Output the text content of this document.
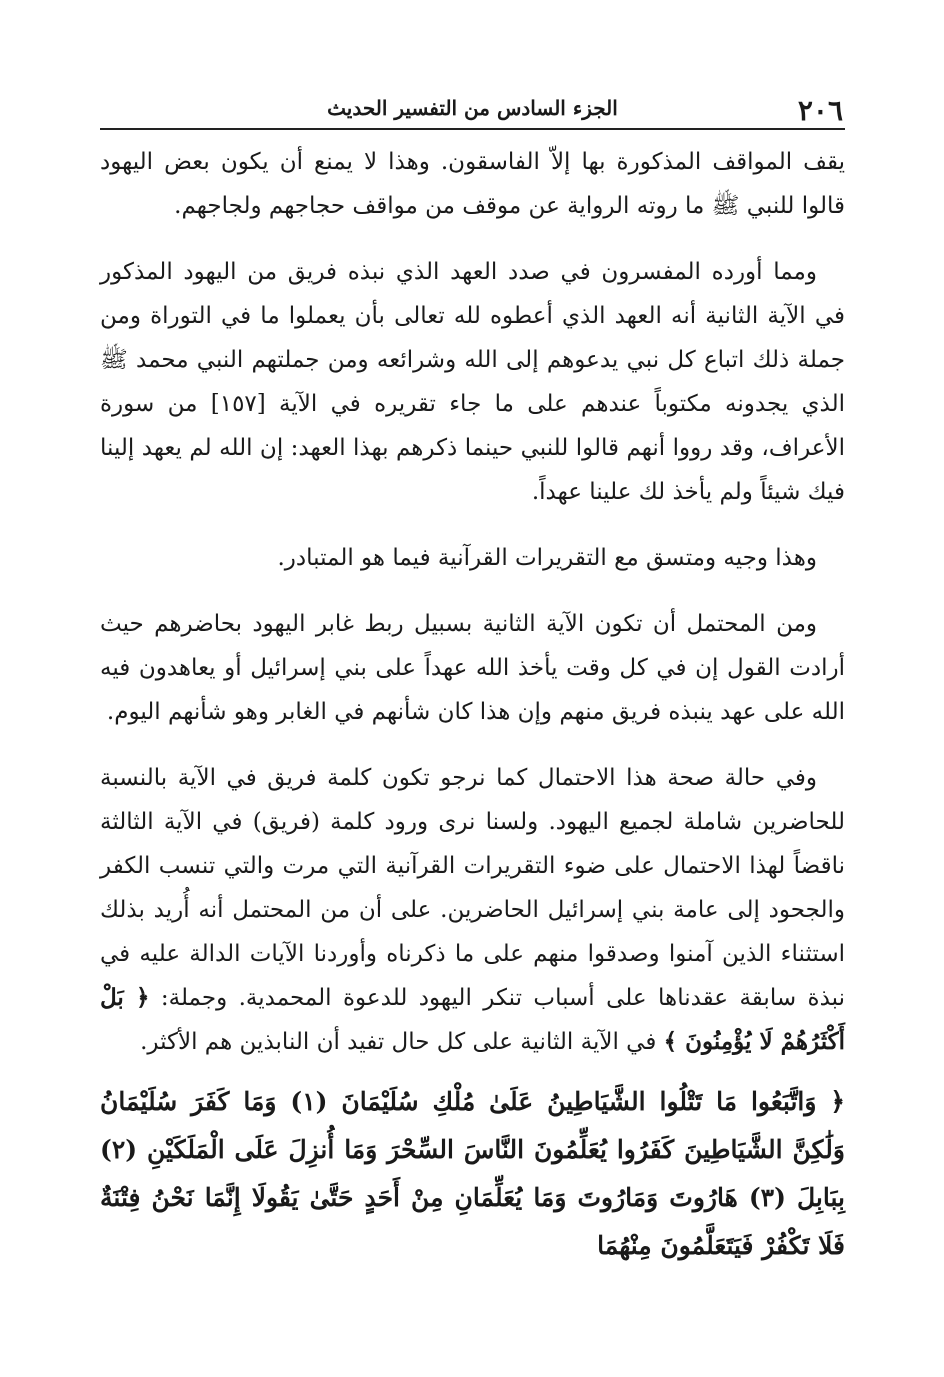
٢٠٦
الجزء السادس من التفسير الحديث

يقف المواقف المذكورة بها إلاّ الفاسقون. وهذا لا يمنع أن يكون بعض اليهود قالوا للنبي ﷺ ما روته الرواية عن موقف من مواقف حجاجهم ولجاجهم.

ومما أورده المفسرون في صدد العهد الذي نبذه فريق من اليهود المذكور في الآية الثانية أنه العهد الذي أعطوه لله تعالى بأن يعملوا ما في التوراة ومن جملة ذلك اتباع كل نبي يدعوهم إلى الله وشرائعه ومن جملتهم النبي محمد ﷺ الذي يجدونه مكتوباً عندهم على ما جاء تقريره في الآية [١٥٧] من سورة الأعراف، وقد رووا أنهم قالوا للنبي حينما ذكرهم بهذا العهد: إن الله لم يعهد إلينا فيك شيئاً ولم يأخذ لك علينا عهداً.

وهذا وجيه ومتسق مع التقريرات القرآنية فيما هو المتبادر.

ومن المحتمل أن تكون الآية الثانية بسبيل ربط غابر اليهود بحاضرهم حيث أرادت القول إن في كل وقت يأخذ الله عهداً على بني إسرائيل أو يعاهدون فيه الله على عهد ينبذه فريق منهم وإن هذا كان شأنهم في الغابر وهو شأنهم اليوم.

وفي حالة صحة هذا الاحتمال كما نرجو تكون كلمة فريق في الآية بالنسبة للحاضرين شاملة لجميع اليهود. ولسنا نرى ورود كلمة (فريق) في الآية الثالثة ناقضاً لهذا الاحتمال على ضوء التقريرات القرآنية التي مرت والتي تنسب الكفر والجحود إلى عامة بني إسرائيل الحاضرين. على أن من المحتمل أنه أُريد بذلك استثناء الذين آمنوا وصدقوا منهم على ما ذكرناه وأوردنا الآيات الدالة عليه في نبذة سابقة عقدناها على أسباب تنكر اليهود للدعوة المحمدية. وجملة: ﴿ بَلْ أَكْثَرُهُمْ لَا يُؤْمِنُونَ ﴾ في الآية الثانية على كل حال تفيد أن النابذين هم الأكثر.

﴿ وَاتَّبَعُوا مَا تَتْلُوا الشَّيَاطِينُ عَلَىٰ مُلْكِ سُلَيْمَانَ (١) وَمَا كَفَرَ سُلَيْمَانُ وَلَٰكِنَّ الشَّيَاطِينَ كَفَرُوا يُعَلِّمُونَ النَّاسَ السِّحْرَ وَمَا أُنزِلَ عَلَى الْمَلَكَيْنِ (٢) بِبَابِلَ (٣) هَارُوتَ وَمَارُوتَ وَمَا يُعَلِّمَانِ مِنْ أَحَدٍ حَتَّىٰ يَقُولَا إِنَّمَا نَحْنُ فِتْنَةٌ فَلَا تَكْفُرْ فَيَتَعَلَّمُونَ مِنْهُمَا
